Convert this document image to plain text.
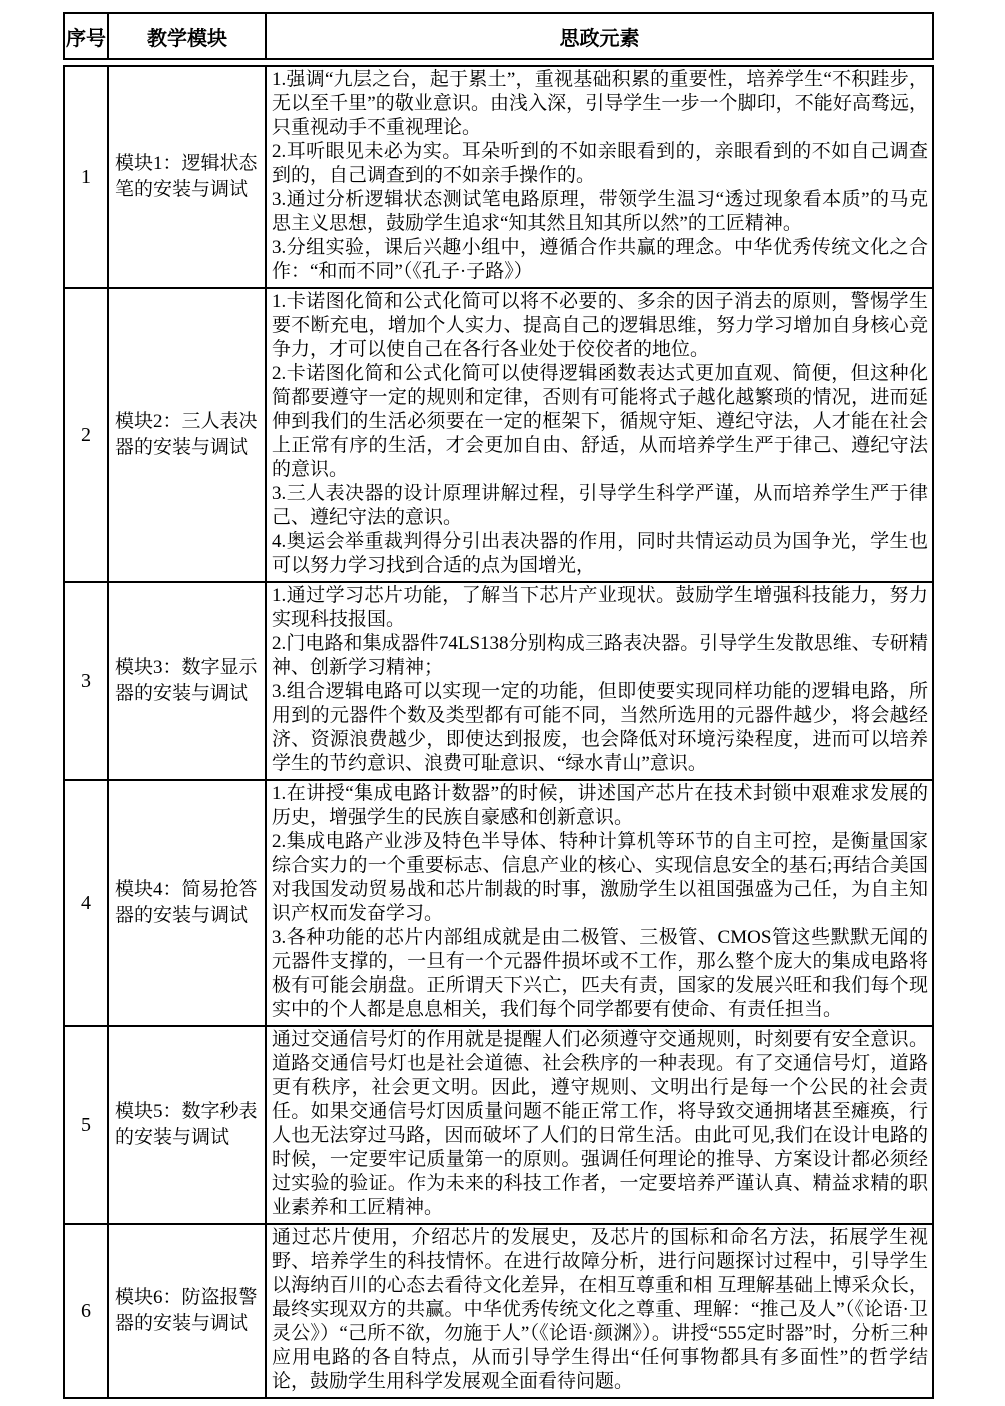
序号	教学模块	思政元素
1	模块1：逻辑状态笔的安装与调试	1.强调“九层之台，起于累土”，重视基础积累的重要性，培养学生“不积跬步，无以至千里”的敬业意识。由浅入深，引导学生一步一个脚印，不能好高骛远，只重视动手不重视理论。

2.耳听眼见未必为实。耳朵听到的不如亲眼看到的，亲眼看到的不如自己调查到的，自己调查到的不如亲手操作的。

3.通过分析逻辑状态测试笔电路原理，带领学生温习“透过现象看本质”的马克思主义思想，鼓励学生追求“知其然且知其所以然”的工匠精神。

3.分组实验，课后兴趣小组中，遵循合作共赢的理念。中华优秀传统文化之合作：“和而不同”（《孔子·子路》）

2	模块2：三人表决器的安装与调试	1.卡诺图化简和公式化简可以将不必要的、多余的因子消去的原则，警惕学生要不断充电，增加个人实力、提高自己的逻辑思维，努力学习增加自身核心竞争力，才可以使自己在各行各业处于佼佼者的地位。

2.卡诺图化简和公式化简可以使得逻辑函数表达式更加直观、简便，但这种化简都要遵守一定的规则和定律，否则有可能将式子越化越繁琐的情况，进而延伸到我们的生活必须要在一定的框架下，循规守矩、遵纪守法，人才能在社会上正常有序的生活，才会更加自由、舒适，从而培养学生严于律己、遵纪守法的意识。

3.三人表决器的设计原理讲解过程，引导学生科学严谨，从而培养学生严于律己、遵纪守法的意识。

4.奥运会举重裁判得分引出表决器的作用，同时共情运动员为国争光，学生也可以努力学习找到合适的点为国增光，

3	模块3：数字显示器的安装与调试	1.通过学习芯片功能，了解当下芯片产业现状。鼓励学生增强科技能力，努力实现科技报国。

2.门电路和集成器件74LS138分别构成三路表决器。引导学生发散思维、专研精神、创新学习精神；

3.组合逻辑电路可以实现一定的功能，但即使要实现同样功能的逻辑电路，所用到的元器件个数及类型都有可能不同，当然所选用的元器件越少，将会越经济、资源浪费越少，即使达到报废，也会降低对环境污染程度，进而可以培养学生的节约意识、浪费可耻意识、“绿水青山”意识。

4	模块4：简易抢答器的安装与调试	1.在讲授“集成电路计数器”的时候，讲述国产芯片在技术封锁中艰难求发展的历史，增强学生的民族自豪感和创新意识。

2.集成电路产业涉及特色半导体、特种计算机等环节的自主可控，是衡量国家综合实力的一个重要标志、信息产业的核心、实现信息安全的基石;再结合美国对我国发动贸易战和芯片制裁的时事，激励学生以祖国强盛为己任，为自主知识产权而发奋学习。

3.各种功能的芯片内部组成就是由二极管、三极管、CMOS管这些默默无闻的元器件支撑的，一旦有一个元器件损坏或不工作，那么整个庞大的集成电路将极有可能会崩盘。正所谓天下兴亡，匹夫有责，国家的发展兴旺和我们每个现实中的个人都是息息相关，我们每个同学都要有使命、有责任担当。

5	模块5：数字秒表的安装与调试	通过交通信号灯的作用就是提醒人们必须遵守交通规则，时刻要有安全意识。道路交通信号灯也是社会道德、社会秩序的一种表现。有了交通信号灯，道路更有秩序，社会更文明。因此，遵守规则、文明出行是每一个公民的社会责任。如果交通信号灯因质量问题不能正常工作，将导致交通拥堵甚至瘫痪，行人也无法穿过马路，因而破坏了人们的日常生活。由此可见,我们在设计电路的时候，一定要牢记质量第一的原则。强调任何理论的推导、方案设计都必须经过实验的验证。作为未来的科技工作者，一定要培养严谨认真、精益求精的职业素养和工匠精神。

6	模块6：防盗报警器的安装与调试	通过芯片使用，介绍芯片的发展史，及芯片的国标和命名方法，拓展学生视野、培养学生的科技情怀。在进行故障分析，进行问题探讨过程中，引导学生以海纳百川的心态去看待文化差异，在相互尊重和相 互理解基础上博采众长，最终实现双方的共赢。中华优秀传统文化之尊重、理解：“推己及人”（《论语·卫灵公》）“己所不欲，勿施于人”（《论语·颜渊》）。讲授“555定时器”时，分析三种应用电路的各自特点，从而引导学生得出“任何事物都具有多面性”的哲学结论，鼓励学生用科学发展观全面看待问题。
